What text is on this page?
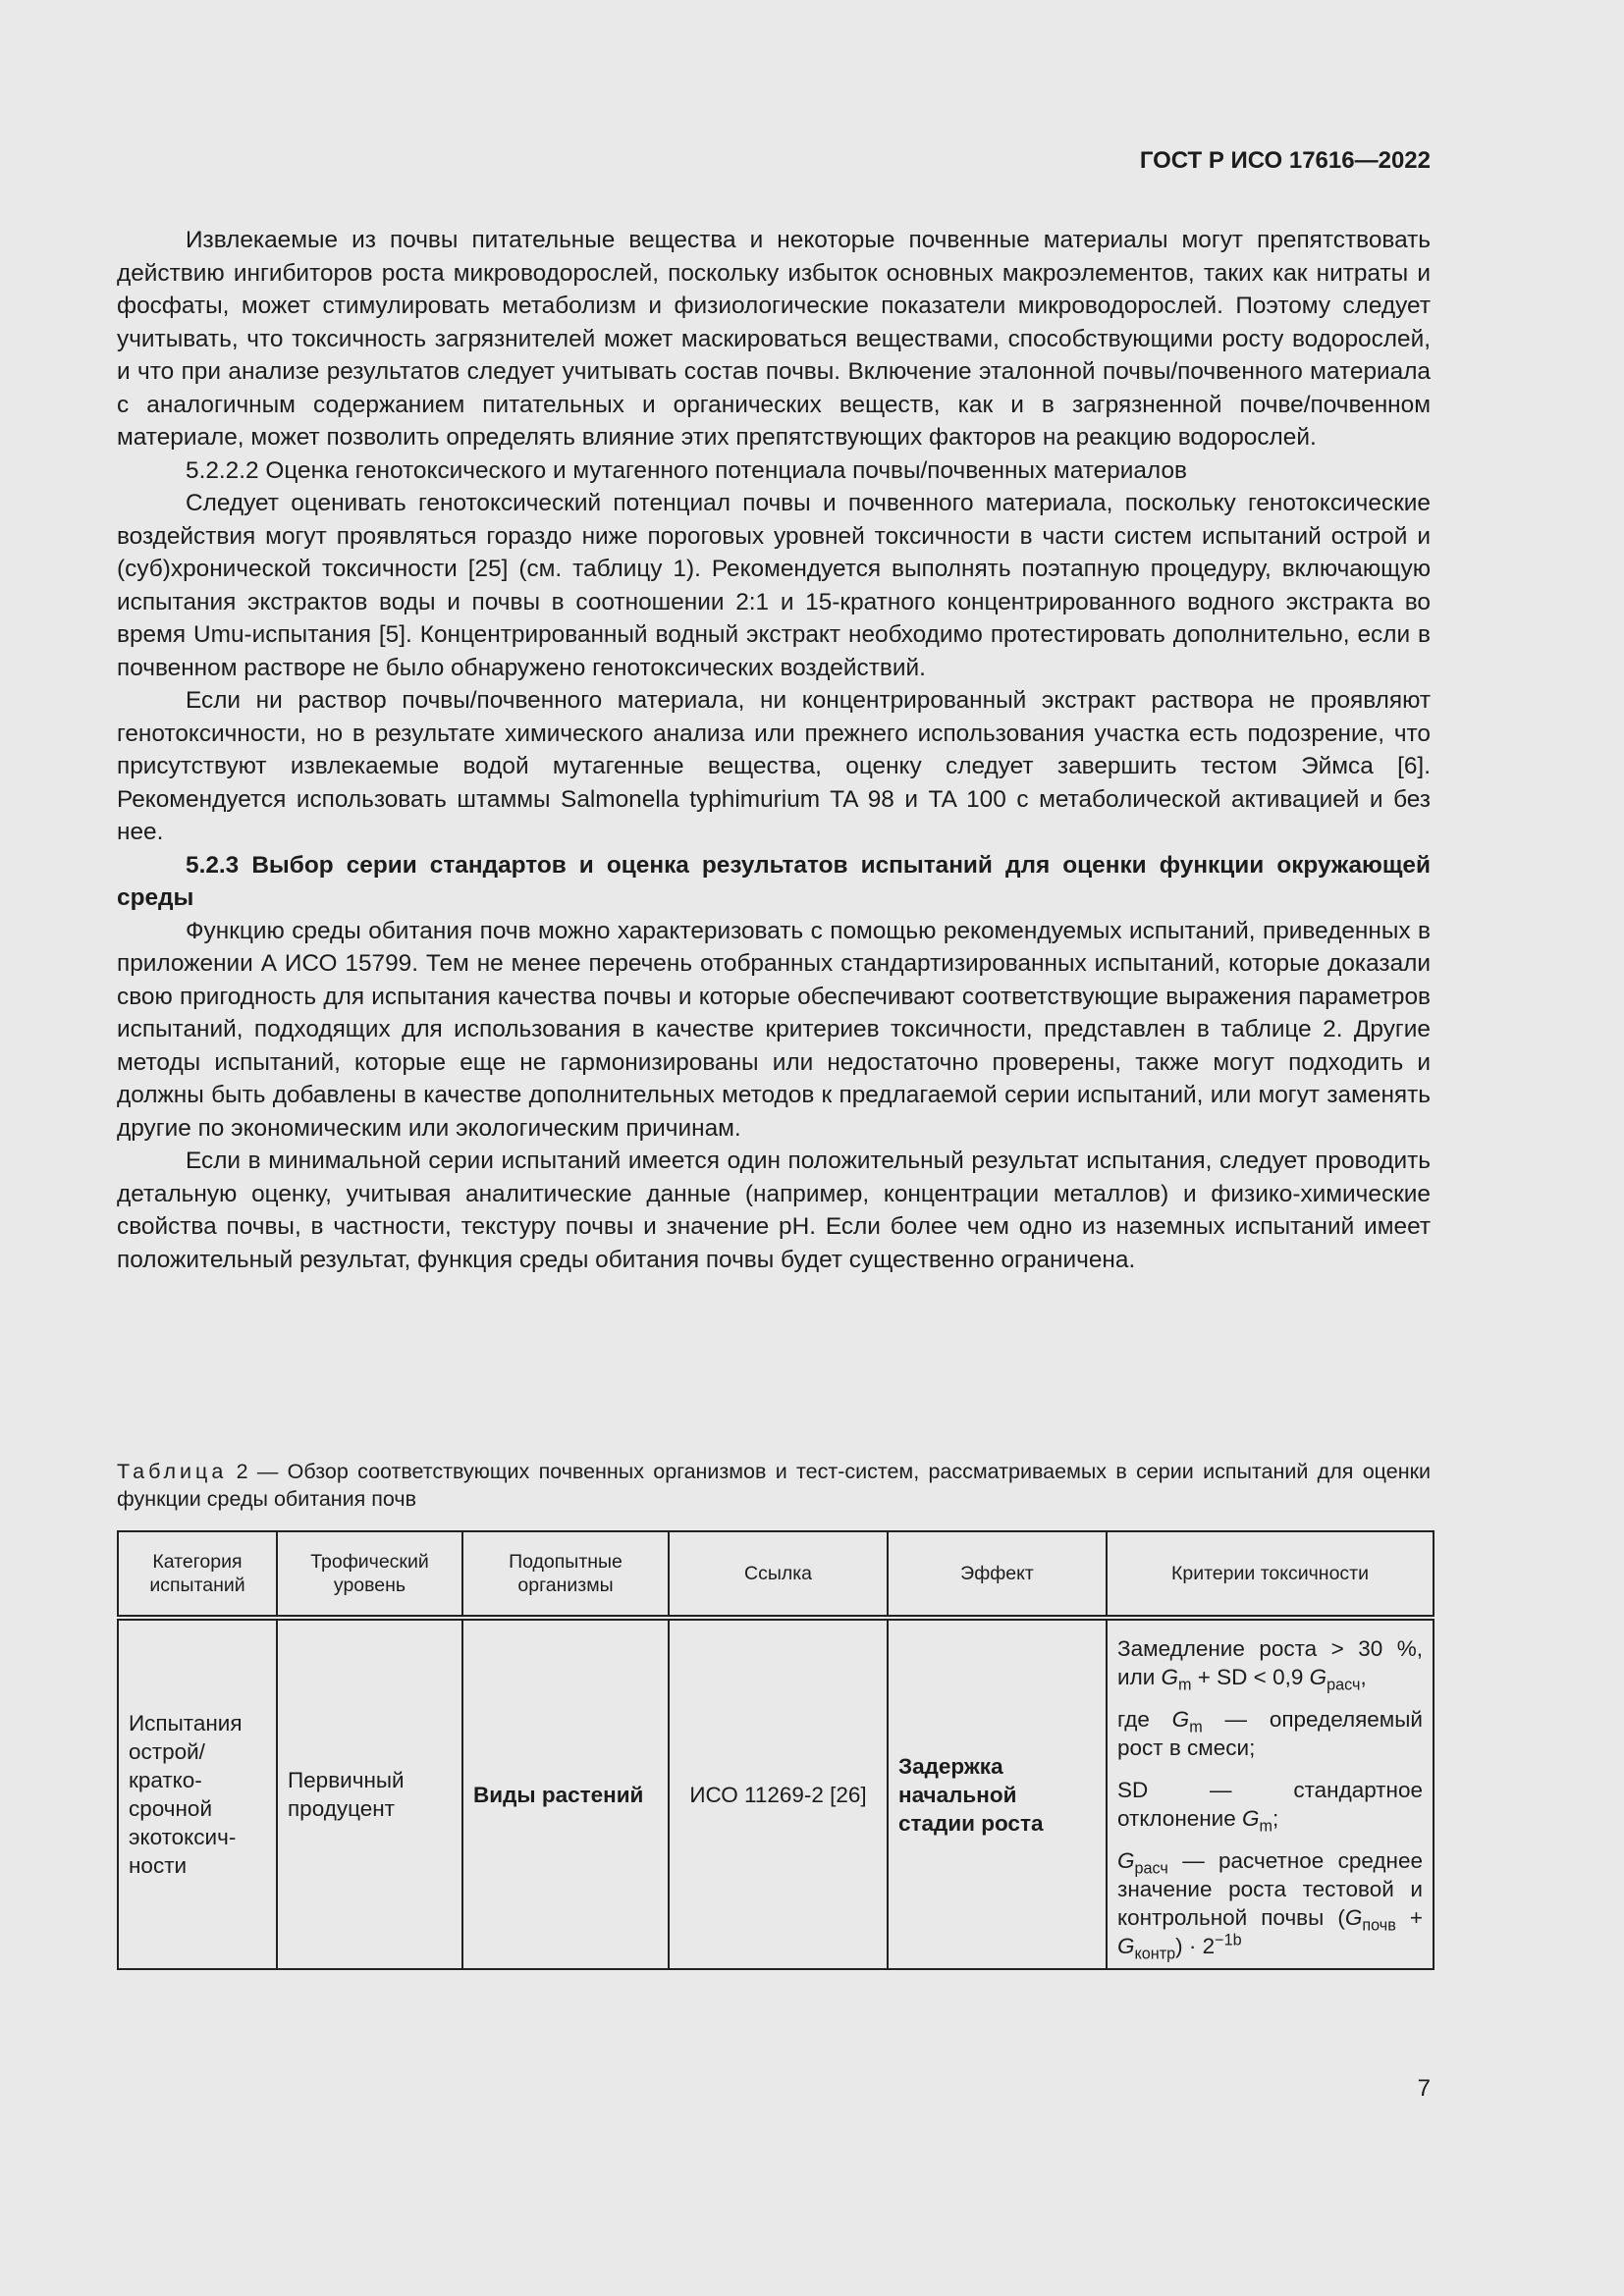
ГОСТ Р ИСО 17616—2022

Извлекаемые из почвы питательные вещества и некоторые почвенные материалы могут препятствовать действию ингибиторов роста микроводорослей, поскольку избыток основных макроэлементов, таких как нитраты и фосфаты, может стимулировать метаболизм и физиологические показатели микроводорослей. Поэтому следует учитывать, что токсичность загрязнителей может маскироваться веществами, способствующими росту водорослей, и что при анализе результатов следует учитывать состав почвы. Включение эталонной почвы/почвенного материала с аналогичным содержанием питательных и органических веществ, как и в загрязненной почве/почвенном материале, может позволить определять влияние этих препятствующих факторов на реакцию водорослей.

5.2.2.2 Оценка генотоксического и мутагенного потенциала почвы/почвенных материалов

Следует оценивать генотоксический потенциал почвы и почвенного материала, поскольку генотоксические воздействия могут проявляться гораздо ниже пороговых уровней токсичности в части систем испытаний острой и (суб)хронической токсичности [25] (см. таблицу 1). Рекомендуется выполнять поэтапную процедуру, включающую испытания экстрактов воды и почвы в соотношении 2:1 и 15-кратного концентрированного водного экстракта во время Umu-испытания [5]. Концентрированный водный экстракт необходимо протестировать дополнительно, если в почвенном растворе не было обнаружено генотоксических воздействий.

Если ни раствор почвы/почвенного материала, ни концентрированный экстракт раствора не проявляют генотоксичности, но в результате химического анализа или прежнего использования участка есть подозрение, что присутствуют извлекаемые водой мутагенные вещества, оценку следует завершить тестом Эймса [6]. Рекомендуется использовать штаммы Salmonella typhimurium TA 98 и TA 100 с метаболической активацией и без нее.

5.2.3 Выбор серии стандартов и оценка результатов испытаний для оценки функции окружающей среды

Функцию среды обитания почв можно характеризовать с помощью рекомендуемых испытаний, приведенных в приложении А ИСО 15799. Тем не менее перечень отобранных стандартизированных испытаний, которые доказали свою пригодность для испытания качества почвы и которые обеспечивают соответствующие выражения параметров испытаний, подходящих для использования в качестве критериев токсичности, представлен в таблице 2. Другие методы испытаний, которые еще не гармонизированы или недостаточно проверены, также могут подходить и должны быть добавлены в качестве дополнительных методов к предлагаемой серии испытаний, или могут заменять другие по экономическим или экологическим причинам.

Если в минимальной серии испытаний имеется один положительный результат испытания, следует проводить детальную оценку, учитывая аналитические данные (например, концентрации металлов) и физико-химические свойства почвы, в частности, текстуру почвы и значение рН. Если более чем одно из наземных испытаний имеет положительный результат, функция среды обитания почвы будет существенно ограничена.

Таблица 2 — Обзор соответствующих почвенных организмов и тест-систем, рассматриваемых в серии испытаний для оценки функции среды обитания почв
Категория испытаний	Трофический уровень	Подопытные организмы	Ссылка	Эффект	Критерии токсичности
Испытания острой/краткосрочной экотоксичности	Первичный продуцент	Виды растений	ИСО 11269-2 [26]	Задержка начальной стадии роста	Замедление роста > 30 %, или $G_m$ + SD < 0,9 $G_{расч}$,

где $G_m$ — определяемый рост в смеси;

SD — стандартное отклонение $G_m$;

$G_{расч}$ — расчетное среднее значение роста тестовой и контрольной почвы $(G_{почв} + G_{контр}) \cdot 2^{-1b}$

7
